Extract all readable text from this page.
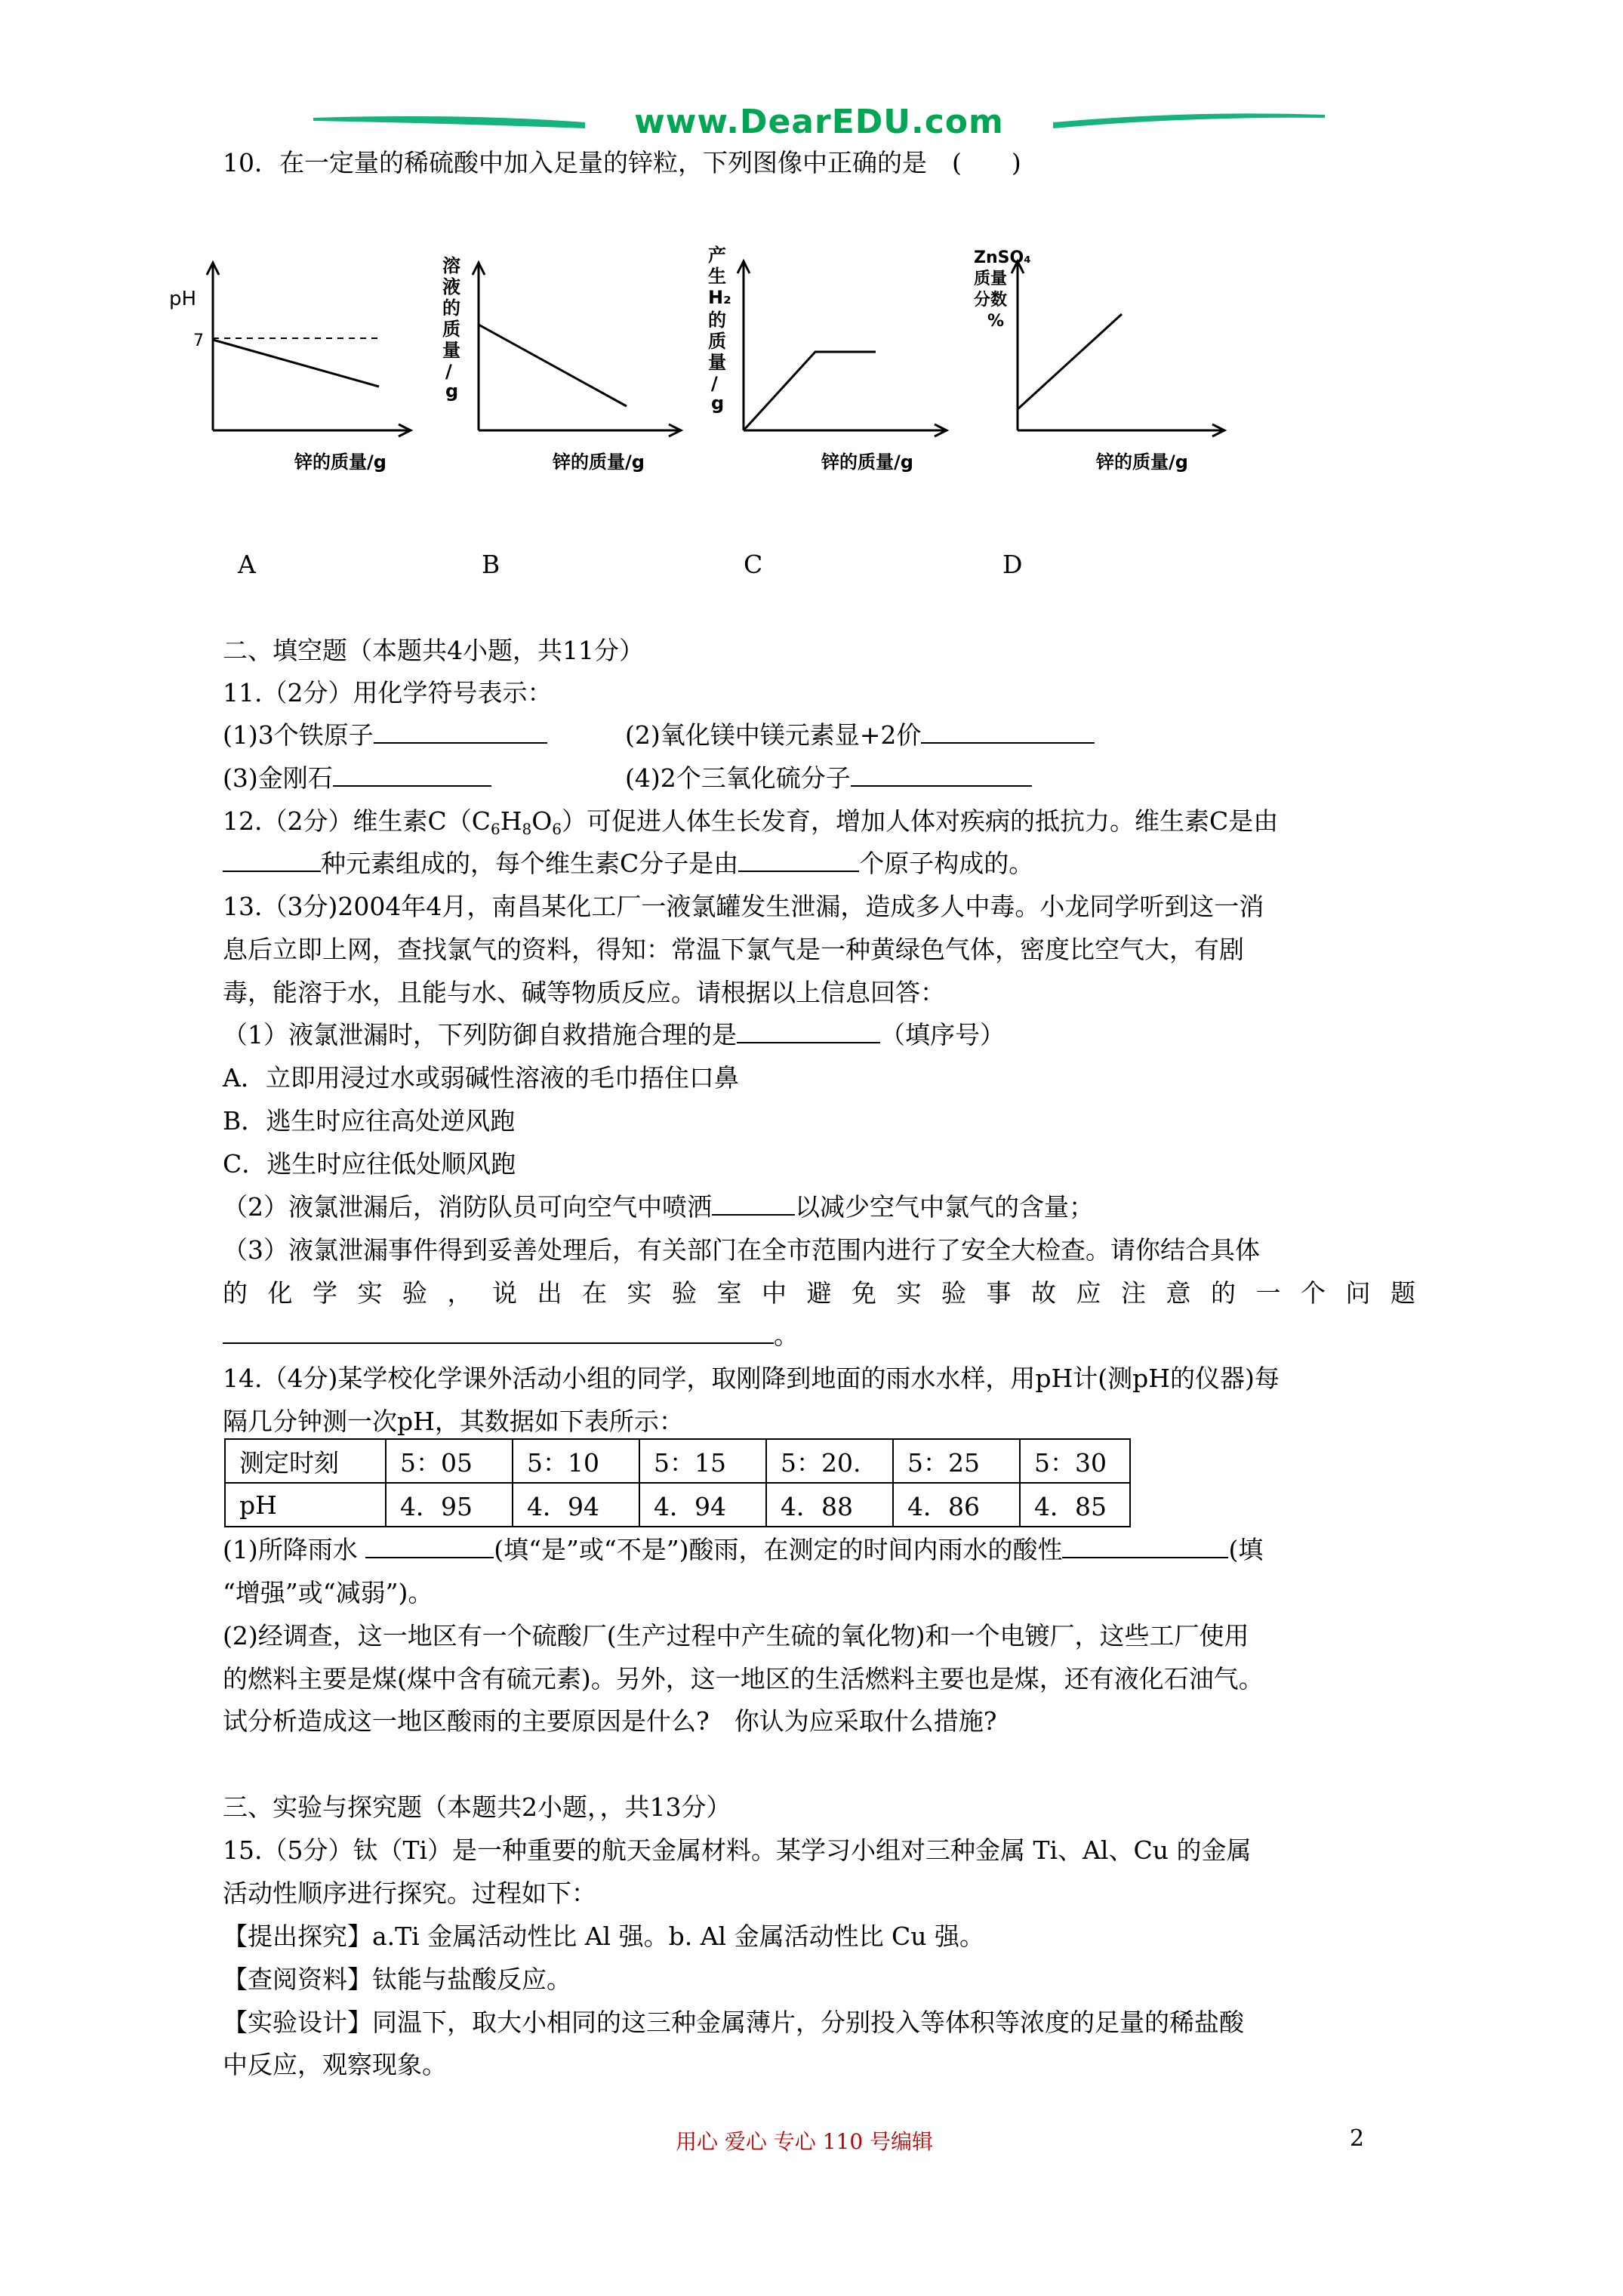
www.DearEDU.com
10．在一定量的稀硫酸中加入足量的锌粒，下列图像中正确的是　(　　)
pH
7
锌的质量/g
溶
液
的
质
量
/
g
锌的质量/g
产
生
H₂
的
质
量
/
g
锌的质量/g
ZnSO₄
质量
分数
%
锌的质量/g
A	B	C	D
二、填空题（本题共4小题，共11分）
11.（2分）用化学符号表示：
(1)3个铁原子	(2)氧化镁中镁元素显+2价
(3)金刚石	(4)2个三氧化硫分子
12.（2分）维生素C（C6H8O6）可促进人体生长发育，增加人体对疾病的抵抗力。维生素C是由
种元素组成的，每个维生素C分子是由	个原子构成的。
13.（3分)2004年4月，南昌某化工厂一液氯罐发生泄漏，造成多人中毒。小龙同学听到这一消
息后立即上网，查找氯气的资料，得知：常温下氯气是一种黄绿色气体，密度比空气大，有剧
毒，能溶于水，且能与水、碱等物质反应。请根据以上信息回答：
（1）液氯泄漏时，下列防御自救措施合理的是	（填序号）
A．立即用浸过水或弱碱性溶液的毛巾捂住口鼻
B．逃生时应往高处逆风跑
C．逃生时应往低处顺风跑
（2）液氯泄漏后，消防队员可向空气中喷洒	以减少空气中氯气的含量；
（3）液氯泄漏事件得到妥善处理后，有关部门在全市范围内进行了安全大检查。请你结合具体
的化学实验，说出在实验室中避免实验事故应注意的一个问题
。
14.（4分)某学校化学课外活动小组的同学，取刚降到地面的雨水水样，用pH计(测pH的仪器)每
隔几分钟测一次pH，其数据如下表所示：
测定时刻	5：05	5：10	5：15	5：20.	5：25	5：30
pH	4．95	4．94	4．94	4．88	4．86	4．85
(1)所降雨水	(填“是”或“不是”)酸雨，在测定的时间内雨水的酸性	(填
“增强”或“减弱”)。
(2)经调查，这一地区有一个硫酸厂(生产过程中产生硫的氧化物)和一个电镀厂，这些工厂使用
的燃料主要是煤(煤中含有硫元素)。另外，这一地区的生活燃料主要也是煤，还有液化石油气。
试分析造成这一地区酸雨的主要原因是什么?　你认为应采取什么措施?
三、实验与探究题（本题共2小题，，共13分）
15.（5分）钛（Ti）是一种重要的航天金属材料。某学习小组对三种金属 Ti、Al、Cu 的金属
活动性顺序进行探究。过程如下：
【提出探究】a.Ti 金属活动性比 Al 强。b. Al 金属活动性比 Cu 强。
【查阅资料】钛能与盐酸反应。
【实验设计】同温下，取大小相同的这三种金属薄片，分别投入等体积等浓度的足量的稀盐酸
中反应，观察现象。
用心 爱心 专心 110 号编辑	2
